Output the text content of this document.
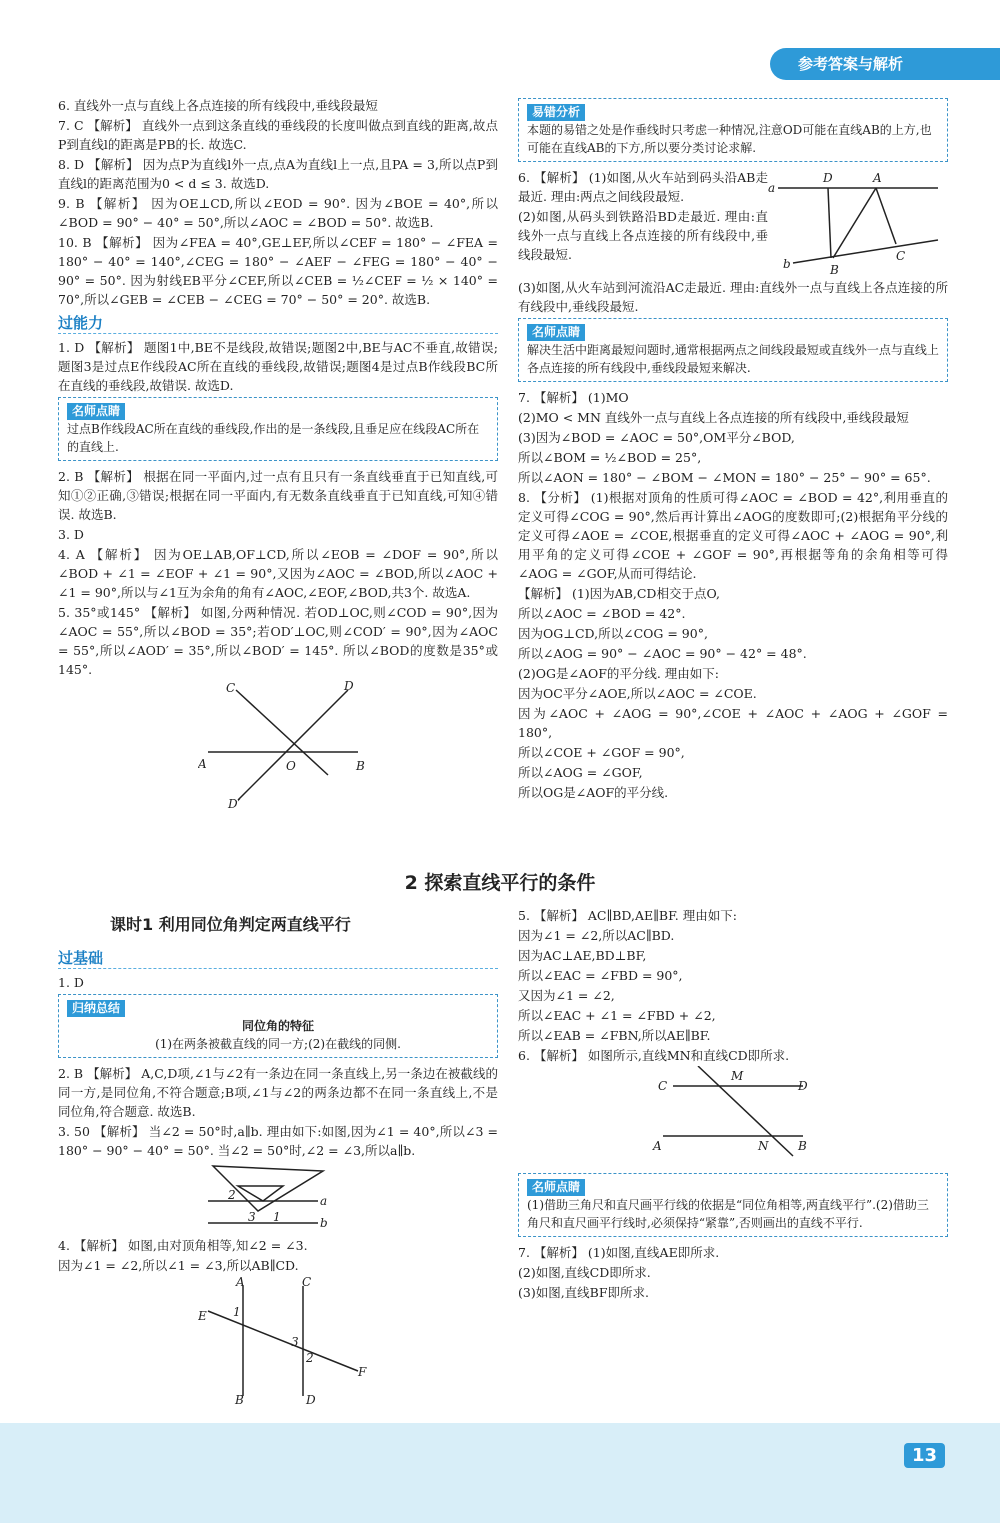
参考答案与解析

6. 直线外一点与直线上各点连接的所有线段中,垂线段最短

7. C 【解析】 直线外一点到这条直线的垂线段的长度叫做点到直线的距离,故点P到直线l的距离是PB的长. 故选C.

8. D 【解析】 因为点P为直线l外一点,点A为直线l上一点,且PA = 3,所以点P到直线l的距离范围为0 < d ≤ 3. 故选D.

9. B 【解析】 因为OE⊥CD,所以∠EOD = 90°. 因为∠BOE = 40°,所以∠BOD = 90° − 40° = 50°,所以∠AOC = ∠BOD = 50°. 故选B.

10. B 【解析】 因为∠FEA = 40°,GE⊥EF,所以∠CEF = 180° − ∠FEA = 180° − 40° = 140°,∠CEG = 180° − ∠AEF − ∠FEG = 180° − 40° − 90° = 50°. 因为射线EB平分∠CEF,所以∠CEB = ½∠CEF = ½ × 140° = 70°,所以∠GEB = ∠CEB − ∠CEG = 70° − 50° = 20°. 故选B.

过能力

1. D 【解析】 题图1中,BE不是线段,故错误;题图2中,BE与AC不垂直,故错误;题图3是过点E作线段AC所在直线的垂线段,故错误;题图4是过点B作线段BC所在直线的垂线段,故错误. 故选D.

名师点睛
过点B作线段AC所在直线的垂线段,作出的是一条线段,且垂足应在线段AC所在的直线上.

2. B 【解析】 根据在同一平面内,过一点有且只有一条直线垂直于已知直线,可知①②正确,③错误;根据在同一平面内,有无数条直线垂直于已知直线,可知④错误. 故选B.

3. D

4. A 【解析】 因为OE⊥AB,OF⊥CD,所以∠EOB = ∠DOF = 90°,所以∠BOD + ∠1 = ∠EOF + ∠1 = 90°,又因为∠AOC = ∠BOD,所以∠AOC + ∠1 = 90°,所以与∠1互为余角的角有∠AOC,∠EOF,∠BOD,共3个. 故选A.

5. 35°或145° 【解析】 如图,分两种情况. 若OD⊥OC,则∠COD = 90°,因为∠AOC = 55°,所以∠BOD = 35°;若OD′⊥OC,则∠COD′ = 90°,因为∠AOC = 55°,所以∠AOD′ = 35°,所以∠BOD′ = 145°. 所以∠BOD的度数是35°或145°.

C	D
A	O	B
D′
易错分析
本题的易错之处是作垂线时只考虑一种情况,注意OD可能在直线AB的上方,也可能在直线AB的下方,所以要分类讨论求解.

6. 【解析】 (1)如图,从火车站到码头沿AB走最近. 理由:两点之间线段最短.

(2)如图,从码头到铁路沿BD走最近. 理由:直线外一点与直线上各点连接的所有线段中,垂线段最短.

a
D	A
b	B
C

(3)如图,从火车站到河流沿AC走最近. 理由:直线外一点与直线上各点连接的所有线段中,垂线段最短.

名师点睛
解决生活中距离最短问题时,通常根据两点之间线段最短或直线外一点与直线上各点连接的所有线段中,垂线段最短来解决.

7. 【解析】 (1)MO

(2)MO < MN 直线外一点与直线上各点连接的所有线段中,垂线段最短

(3)因为∠BOD = ∠AOC = 50°,OM平分∠BOD,

所以∠BOM = ½∠BOD = 25°,

所以∠AON = 180° − ∠BOM − ∠MON = 180° − 25° − 90° = 65°.

8. 【分析】 (1)根据对顶角的性质可得∠AOC = ∠BOD = 42°,利用垂直的定义可得∠COG = 90°,然后再计算出∠AOG的度数即可;(2)根据角平分线的定义可得∠AOE = ∠COE,根据垂直的定义可得∠AOC + ∠AOG = 90°,利用平角的定义可得∠COE + ∠GOF = 90°,再根据等角的余角相等可得∠AOG = ∠GOF,从而可得结论.

【解析】 (1)因为AB,CD相交于点O,

所以∠AOC = ∠BOD = 42°.

因为OG⊥CD,所以∠COG = 90°,

所以∠AOG = 90° − ∠AOC = 90° − 42° = 48°.

(2)OG是∠AOF的平分线. 理由如下:

因为OC平分∠AOE,所以∠AOC = ∠COE.

因为∠AOC + ∠AOG = 90°,∠COE + ∠AOC + ∠AOG + ∠GOF = 180°,

所以∠COE + ∠GOF = 90°,

所以∠AOG = ∠GOF,

所以OG是∠AOF的平分线.

2 探索直线平行的条件
课时1 利用同位角判定两直线平行
过基础

1. D

归纳总结

同位角的特征
(1)在两条被截直线的同一方;(2)在截线的同侧.

2. B 【解析】 A,C,D项,∠1与∠2有一条边在同一条直线上,另一条边在被截线的同一方,是同位角,不符合题意;B项,∠1与∠2的两条边都不在同一条直线上,不是同位角,符合题意. 故选B.

3. 50 【解析】 当∠2 = 50°时,a∥b. 理由如下:如图,因为∠1 = 40°,所以∠3 = 180° − 90° − 40° = 50°. 当∠2 = 50°时,∠2 = ∠3,所以a∥b.

a
b
2
3 1

4. 【解析】 如图,由对顶角相等,知∠2 = ∠3.

因为∠1 = ∠2,所以∠1 = ∠3,所以AB∥CD.

A	C
E 1
3
2
F
B	D

5. 【解析】 AC∥BD,AE∥BF. 理由如下:

因为∠1 = ∠2,所以AC∥BD.

因为AC⊥AE,BD⊥BF,

所以∠EAC = ∠FBD = 90°,

又因为∠1 = ∠2,

所以∠EAC + ∠1 = ∠FBD + ∠2,

所以∠EAB = ∠FBN,所以AE∥BF.

6. 【解析】 如图所示,直线MN和直线CD即所求.

C	D
M
A	N B
名师点睛
(1)借助三角尺和直尺画平行线的依据是“同位角相等,两直线平行”.(2)借助三角尺和直尺画平行线时,必须保持“紧靠”,否则画出的直线不平行.

7. 【解析】 (1)如图,直线AE即所求.

(2)如图,直线CD即所求.

(3)如图,直线BF即所求.

13
